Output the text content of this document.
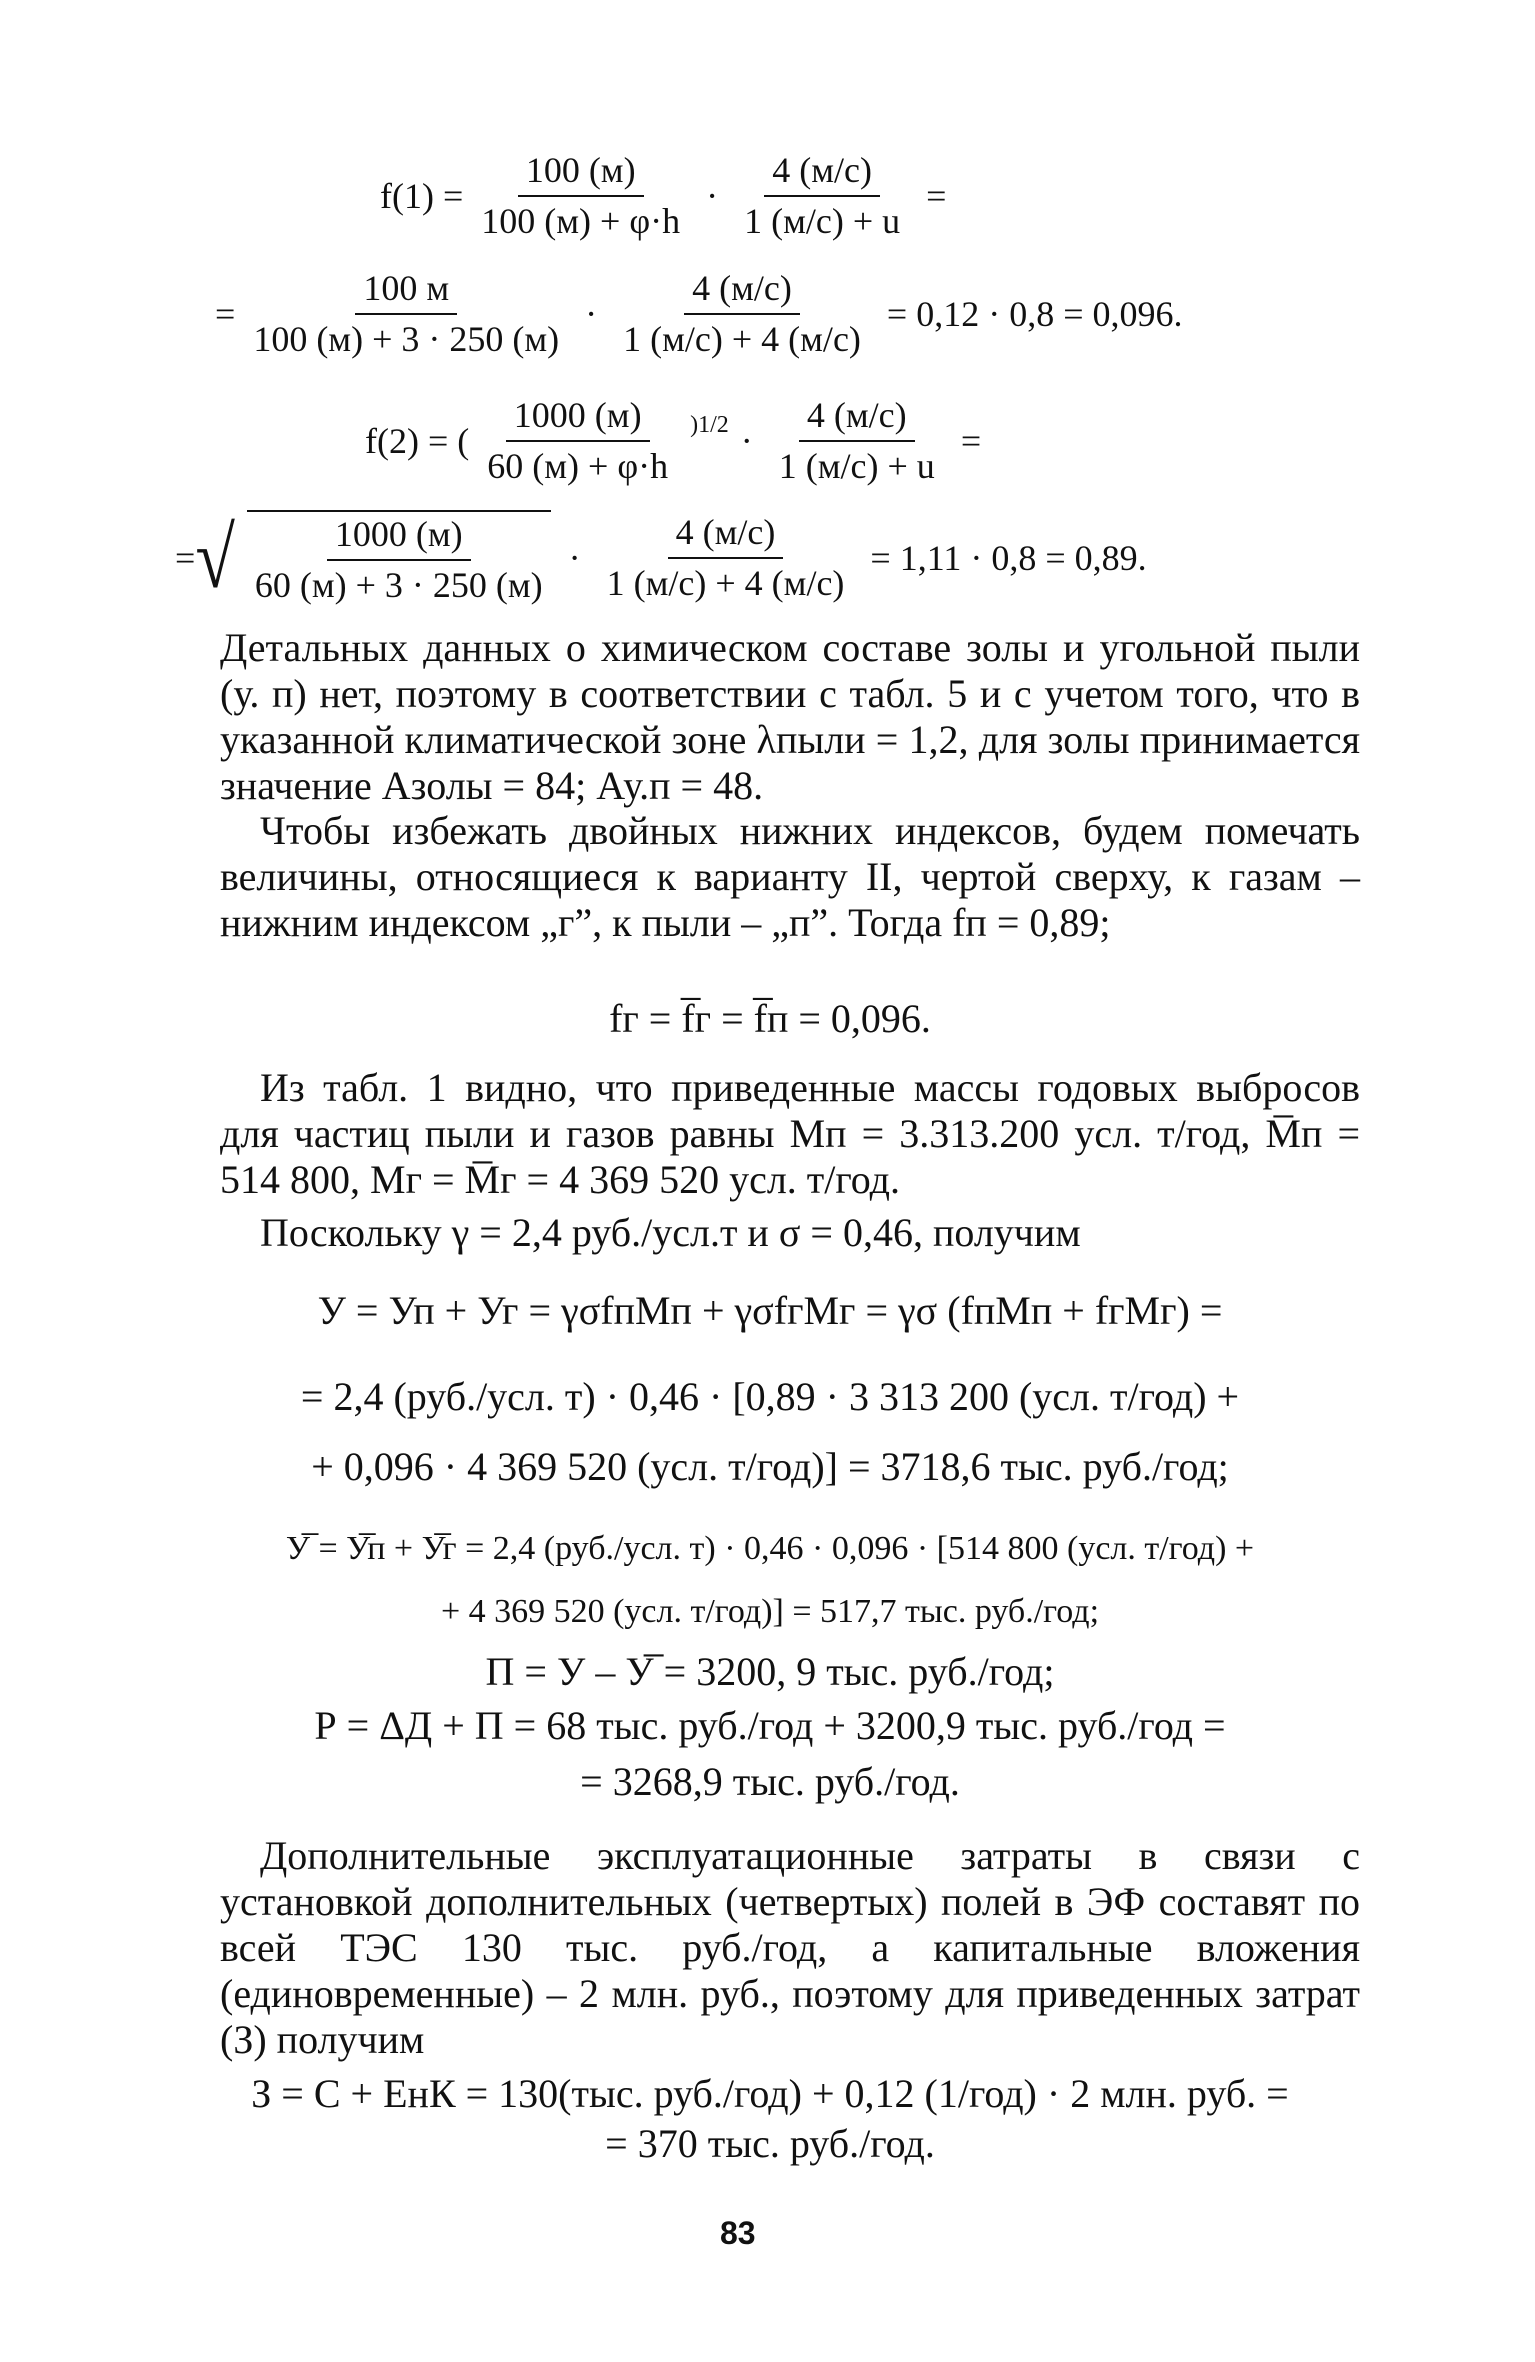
$f(1) = \frac{100 (м)}{100 (м) + \varphi\cdot h} \cdot \frac{4 (м/с)}{1 (м/с) + u}$ =
= $\frac{100 м}{100 (м) + 3 \cdot 250 (м)} \cdot \frac{4 (м/с)}{1 (м/с) + 4 (м/с)} = 0,12 \cdot 0,8 = 0,096$.
f(2) = ( $\frac{1000 (м)}{60 (м) + \varphi\cdot h} )1/2 \cdot \frac{4 (м/с)}{1 (м/с) + u}$ =
= √ $\frac{1000 (м)}{60 (м) + 3 \cdot 250 (м)} \cdot \frac{4 (м/с)}{1 (м/с) + 4 (м/с)} = 1,11 \cdot 0,8 = 0,89$.
Детальных данных о химическом составе золы и угольной пыли (у. п) нет, поэтому в соответствии с табл. 5 и с учетом того, что в указанной климатической зоне λпыли = 1,2, для золы принимается значение Азолы = 84; Ау.п = 48.
Чтобы избежать двойных нижних индексов, будем помечать величины, относящиеся к варианту II, чертой сверху, к газам – нижним индексом „г”, к пыли – „п”. Тогда fп = 0,89;
fг = f̅г = f̅п = 0,096.
Из табл. 1 видно, что приведенные массы годовых выбросов для частиц пыли и газов равны Mп = 3.313.200 усл. т/год, M̅п = 514 800, Mг = M̅г = 4 369 520 усл. т/год.
Поскольку γ = 2,4 руб./усл.т и σ = 0,46, получим
У = Уп + Уг = γσfпMп + γσfгMг = γσ (fпMп + fгMг) =
= 2,4 (руб./усл. т) · 0,46 · [0,89 · 3 313 200 (усл. т/год) +
+ 0,096 · 4 369 520 (усл. т/год)] = 3718,6 тыс. руб./год;
У̅ = У̅п + У̅г = 2,4 (руб./усл. т) · 0,46 · 0,096 · [514 800 (усл. т/год) +
+ 4 369 520 (усл. т/год)] = 517,7 тыс. руб./год;
П = У – У̅ = 3200, 9 тыс. руб./год;
Р = ΔД + П = 68 тыс. руб./год + 3200,9 тыс. руб./год =
= 3268,9 тыс. руб./год.
Дополнительные эксплуатационные затраты в связи с установкой дополнительных (четвертых) полей в ЭФ составят по всей ТЭС 130 тыс. руб./год, а капитальные вложения (единовременные) – 2 млн. руб., поэтому для приведенных затрат (З) получим
З = С + ЕнК = 130(тыс. руб./год) + 0,12 (1/год) · 2 млн. руб. =
= 370 тыс. руб./год.
83
